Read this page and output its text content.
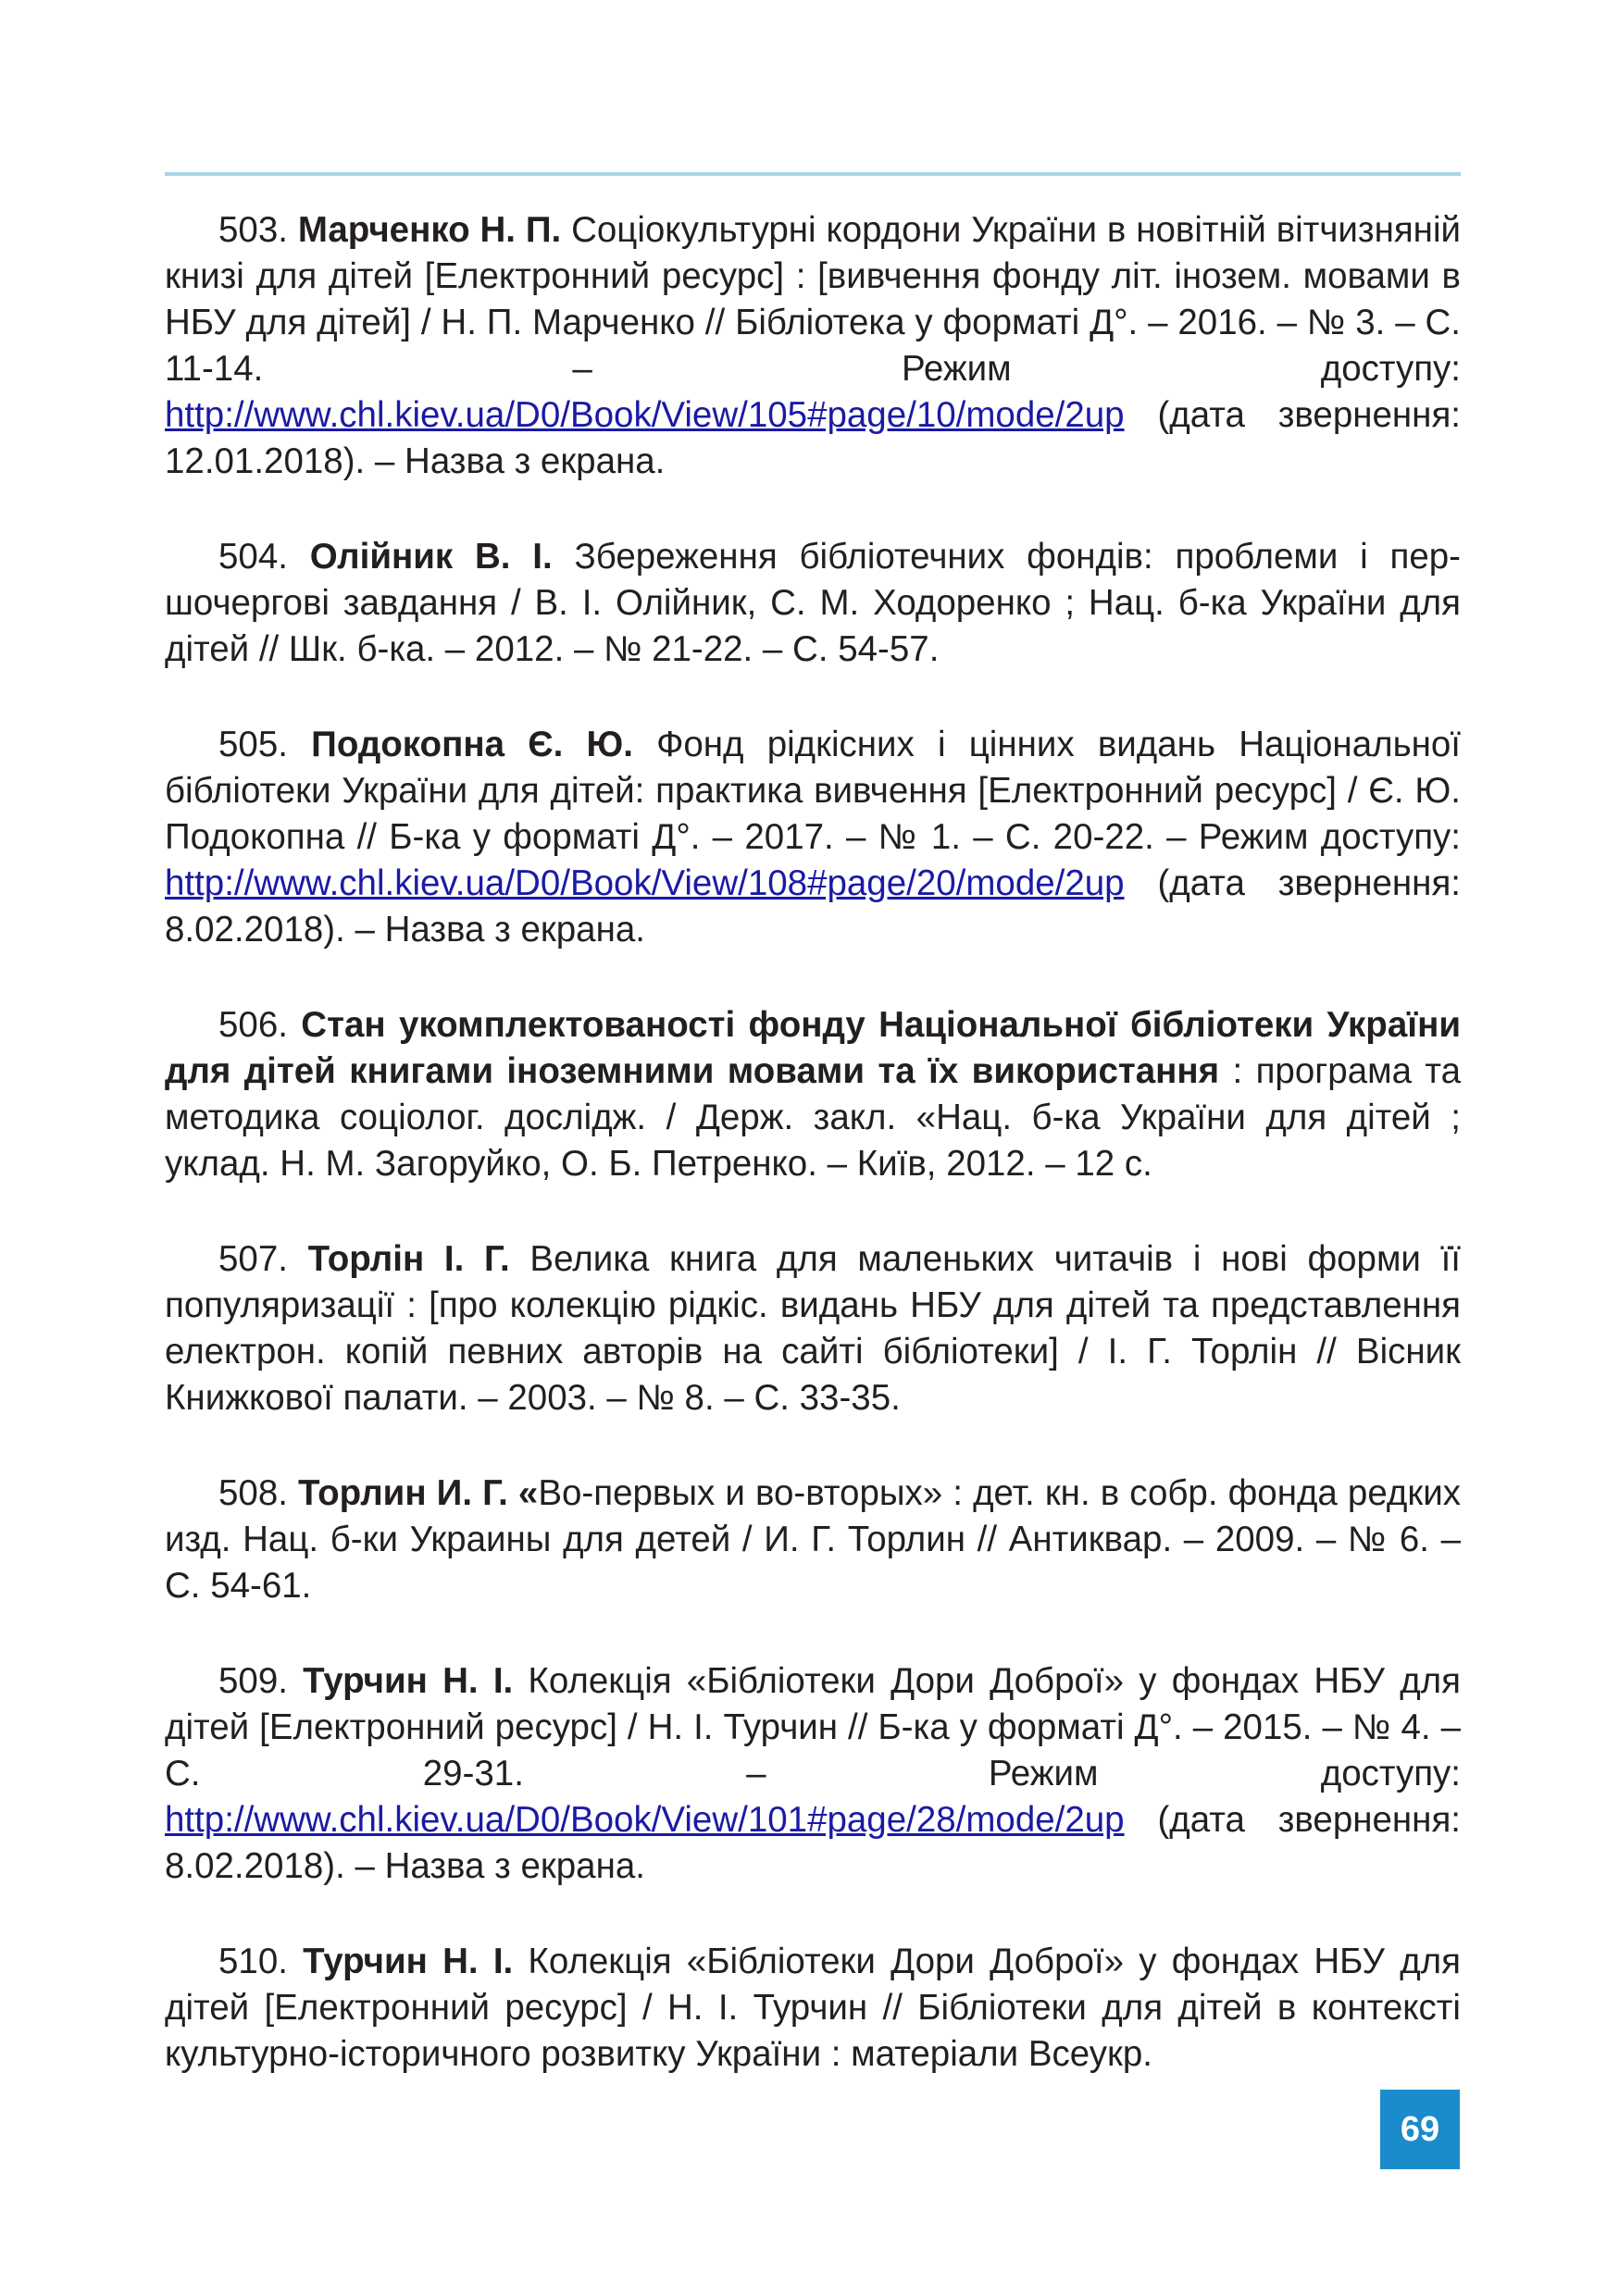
503. Марченко Н. П. Соціокультурні кордони України в новітній вітчизняній книзі для дітей [Електронний ресурс] : [вивчення фонду літ. інозем. мовами в НБУ для дітей] / Н. П. Марченко // Бібліотека у форматі Д°. – 2016. – № 3. – С. 11-14. – Режим доступу: http://www.chl.kiev.ua/D0/Book/View/105#page/10/mode/2up (дата звернення: 12.01.2018). – Назва з екрана.

504. Олійник В. І. Збереження бібліотечних фондів: проблеми і першочергові завдання / В. І. Олійник, С. М. Ходоренко ; Нац. б-ка України для дітей // Шк. б-ка. – 2012. – № 21-22. – С. 54-57.

505. Подокопна Є. Ю. Фонд рідкісних і цінних видань Національної бібліотеки України для дітей: практика вивчення [Електронний ресурс] / Є. Ю. Подокопна // Б-ка у форматі Д°. – 2017. – № 1. – С. 20-22. – Режим доступу: http://www.chl.kiev.ua/D0/Book/View/108#page/20/mode/2up (дата звернення: 8.02.2018). – Назва з екрана.

506. Стан укомплектованості фонду Національної бібліотеки України для дітей книгами іноземними мовами та їх використання : програма та методика соціолог. дослідж. / Держ. закл. «Нац. б-ка України для дітей ; уклад. Н. М. Загоруйко, О. Б. Петренко. – Київ, 2012. – 12 с.

507. Торлін І. Г. Велика книга для маленьких читачів і нові форми її популяризації : [про колекцію рідкіс. видань НБУ для дітей та представлення електрон. копій певних авторів на сайті бібліотеки] / І. Г. Торлін // Вісник Книжкової палати. – 2003. – № 8. – С. 33-35.

508. Торлин И. Г. «Во-первых и во-вторых» : дет. кн. в собр. фонда редких изд. Нац. б-ки Украины для детей / И. Г. Торлин // Антиквар. – 2009. – № 6. – С. 54-61.

509. Турчин Н. І. Колекція «Бібліотеки Дори Доброї» у фондах НБУ для дітей [Електронний ресурс] / Н. І. Турчин // Б-ка у форматі Д°. – 2015. – № 4. – С. 29-31. – Режим доступу: http://www.chl.kiev.ua/D0/Book/View/101#page/28/mode/2up (дата звернення: 8.02.2018). – Назва з екрана.

510. Турчин Н. І. Колекція «Бібліотеки Дори Доброї» у фондах НБУ для дітей [Електронний ресурс] / Н. І. Турчин // Бібліотеки для дітей в контексті культурно-історичного розвитку України : матеріали Всеукр.

69
